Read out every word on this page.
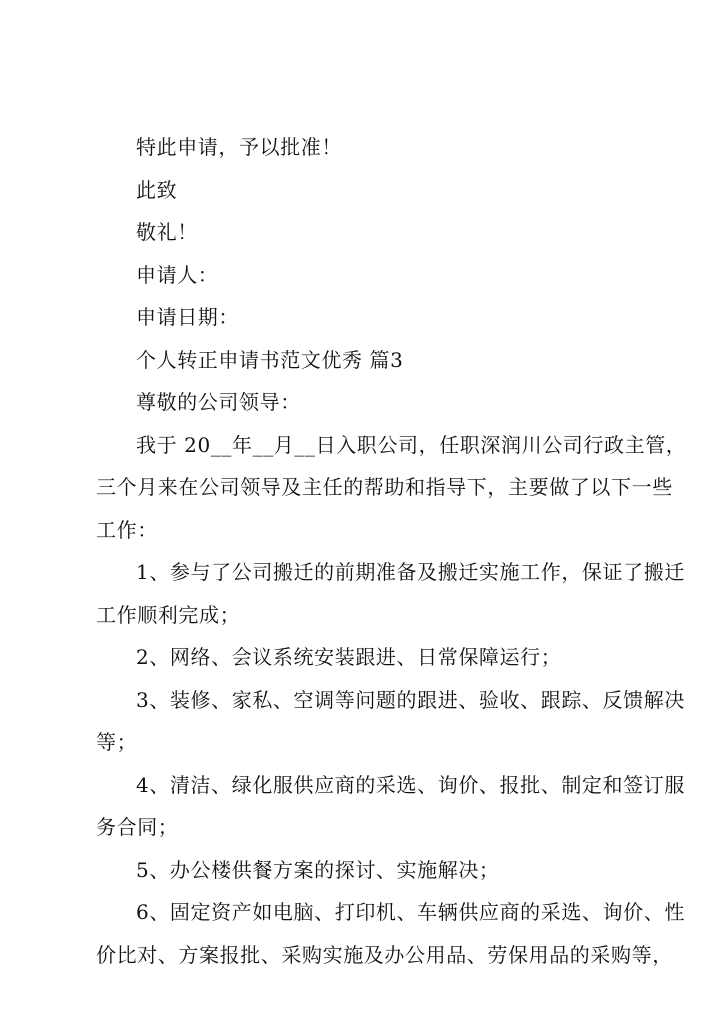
特此申请，予以批准！
此致
敬礼！
申请人：
申请日期：
个人转正申请书范文优秀 篇3
尊敬的公司领导：
我于 20__年__月__日入职公司，任职深润川公司行政主管，
三个月来在公司领导及主任的帮助和指导下，主要做了以下一些
工作：
1、参与了公司搬迁的前期准备及搬迁实施工作，保证了搬迁
工作顺利完成；
2、网络、会议系统安装跟进、日常保障运行；
3、装修、家私、空调等问题的跟进、验收、跟踪、反馈解决
等；
4、清洁、绿化服供应商的采选、询价、报批、制定和签订服
务合同；
5、办公楼供餐方案的探讨、实施解决；
6、固定资产如电脑、打印机、车辆供应商的采选、询价、性
价比对、方案报批、采购实施及办公用品、劳保用品的采购等，
